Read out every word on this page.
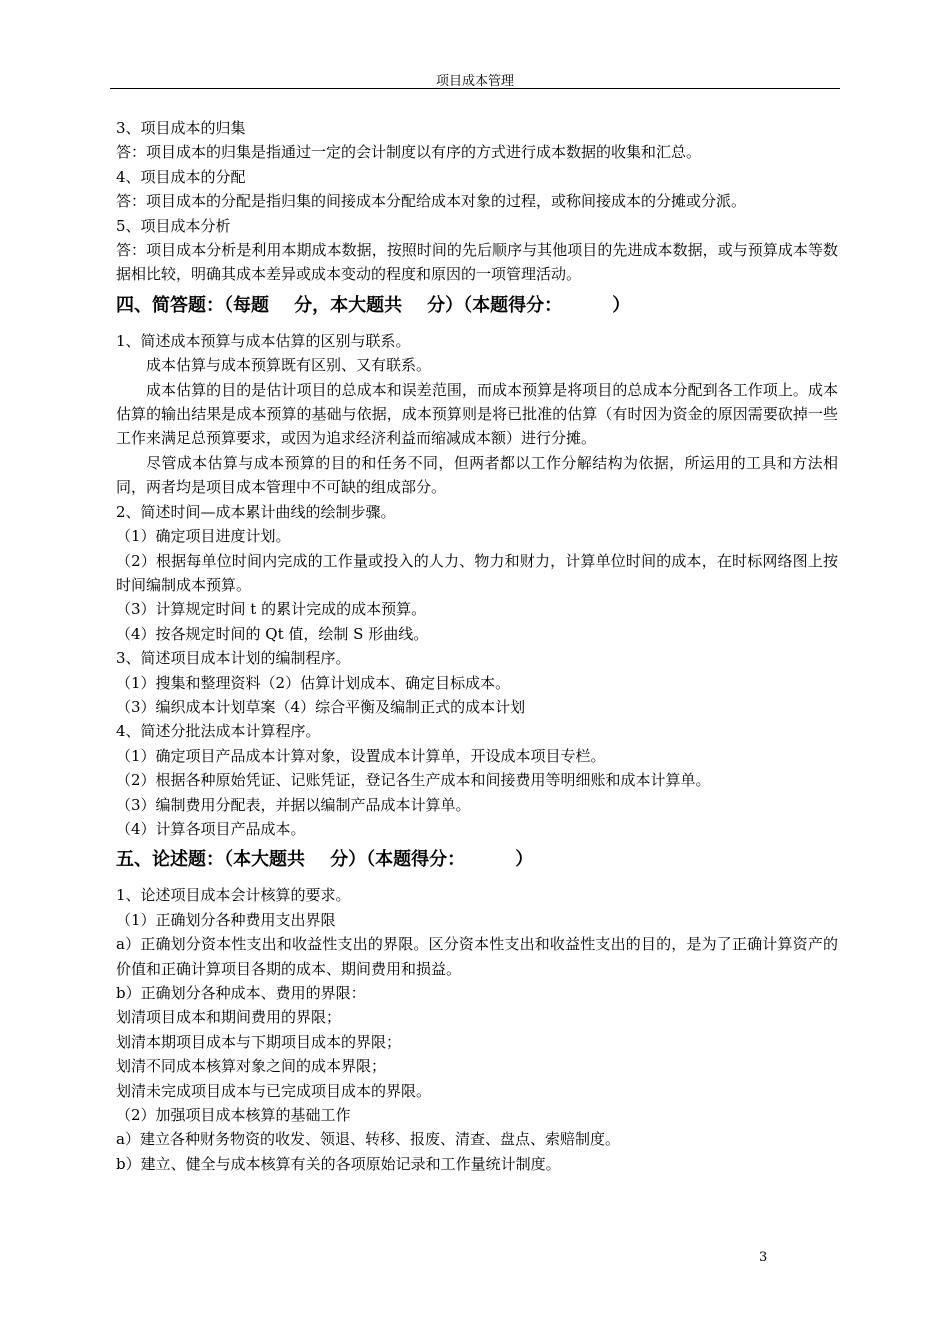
项目成本管理
3、项目成本的归集
答：项目成本的归集是指通过一定的会计制度以有序的方式进行成本数据的收集和汇总。
4、项目成本的分配
答：项目成本的分配是指归集的间接成本分配给成本对象的过程，或称间接成本的分摊或分派。
5、项目成本分析
答：项目成本分析是利用本期成本数据，按照时间的先后顺序与其他项目的先进成本数据，或与预算成本等数据相比较，明确其成本差异或成本变动的程度和原因的一项管理活动。
四、简答题：（每题    分，本大题共    分）（本题得分：        ）
1、简述成本预算与成本估算的区别与联系。
成本估算与成本预算既有区别、又有联系。
成本估算的目的是估计项目的总成本和误差范围，而成本预算是将项目的总成本分配到各工作项上。成本估算的输出结果是成本预算的基础与依据，成本预算则是将已批准的估算（有时因为资金的原因需要砍掉一些工作来满足总预算要求，或因为追求经济利益而缩减成本额）进行分摊。
尽管成本估算与成本预算的目的和任务不同，但两者都以工作分解结构为依据，所运用的工具和方法相同，两者均是项目成本管理中不可缺的组成部分。
2、简述时间—成本累计曲线的绘制步骤。
（1）确定项目进度计划。
（2）根据每单位时间内完成的工作量或投入的人力、物力和财力，计算单位时间的成本，在时标网络图上按时间编制成本预算。
（3）计算规定时间 t 的累计完成的成本预算。
（4）按各规定时间的 Qt 值，绘制 S 形曲线。
3、简述项目成本计划的编制程序。
（1）搜集和整理资料（2）估算计划成本、确定目标成本。
（3）编织成本计划草案（4）综合平衡及编制正式的成本计划
4、简述分批法成本计算程序。
（1）确定项目产品成本计算对象，设置成本计算单，开设成本项目专栏。
（2）根据各种原始凭证、记账凭证，登记各生产成本和间接费用等明细账和成本计算单。
（3）编制费用分配表，并据以编制产品成本计算单。
（4）计算各项目产品成本。
五、论述题：（本大题共    分）（本题得分：        ）
1、论述项目成本会计核算的要求。
（1）正确划分各种费用支出界限
a）正确划分资本性支出和收益性支出的界限。区分资本性支出和收益性支出的目的，是为了正确计算资产的价值和正确计算项目各期的成本、期间费用和损益。
b）正确划分各种成本、费用的界限：
划清项目成本和期间费用的界限；
划清本期项目成本与下期项目成本的界限；
划清不同成本核算对象之间的成本界限；
划清未完成项目成本与已完成项目成本的界限。
（2）加强项目成本核算的基础工作
a）建立各种财务物资的收发、领退、转移、报废、清查、盘点、索赔制度。
b）建立、健全与成本核算有关的各项原始记录和工作量统计制度。
3
